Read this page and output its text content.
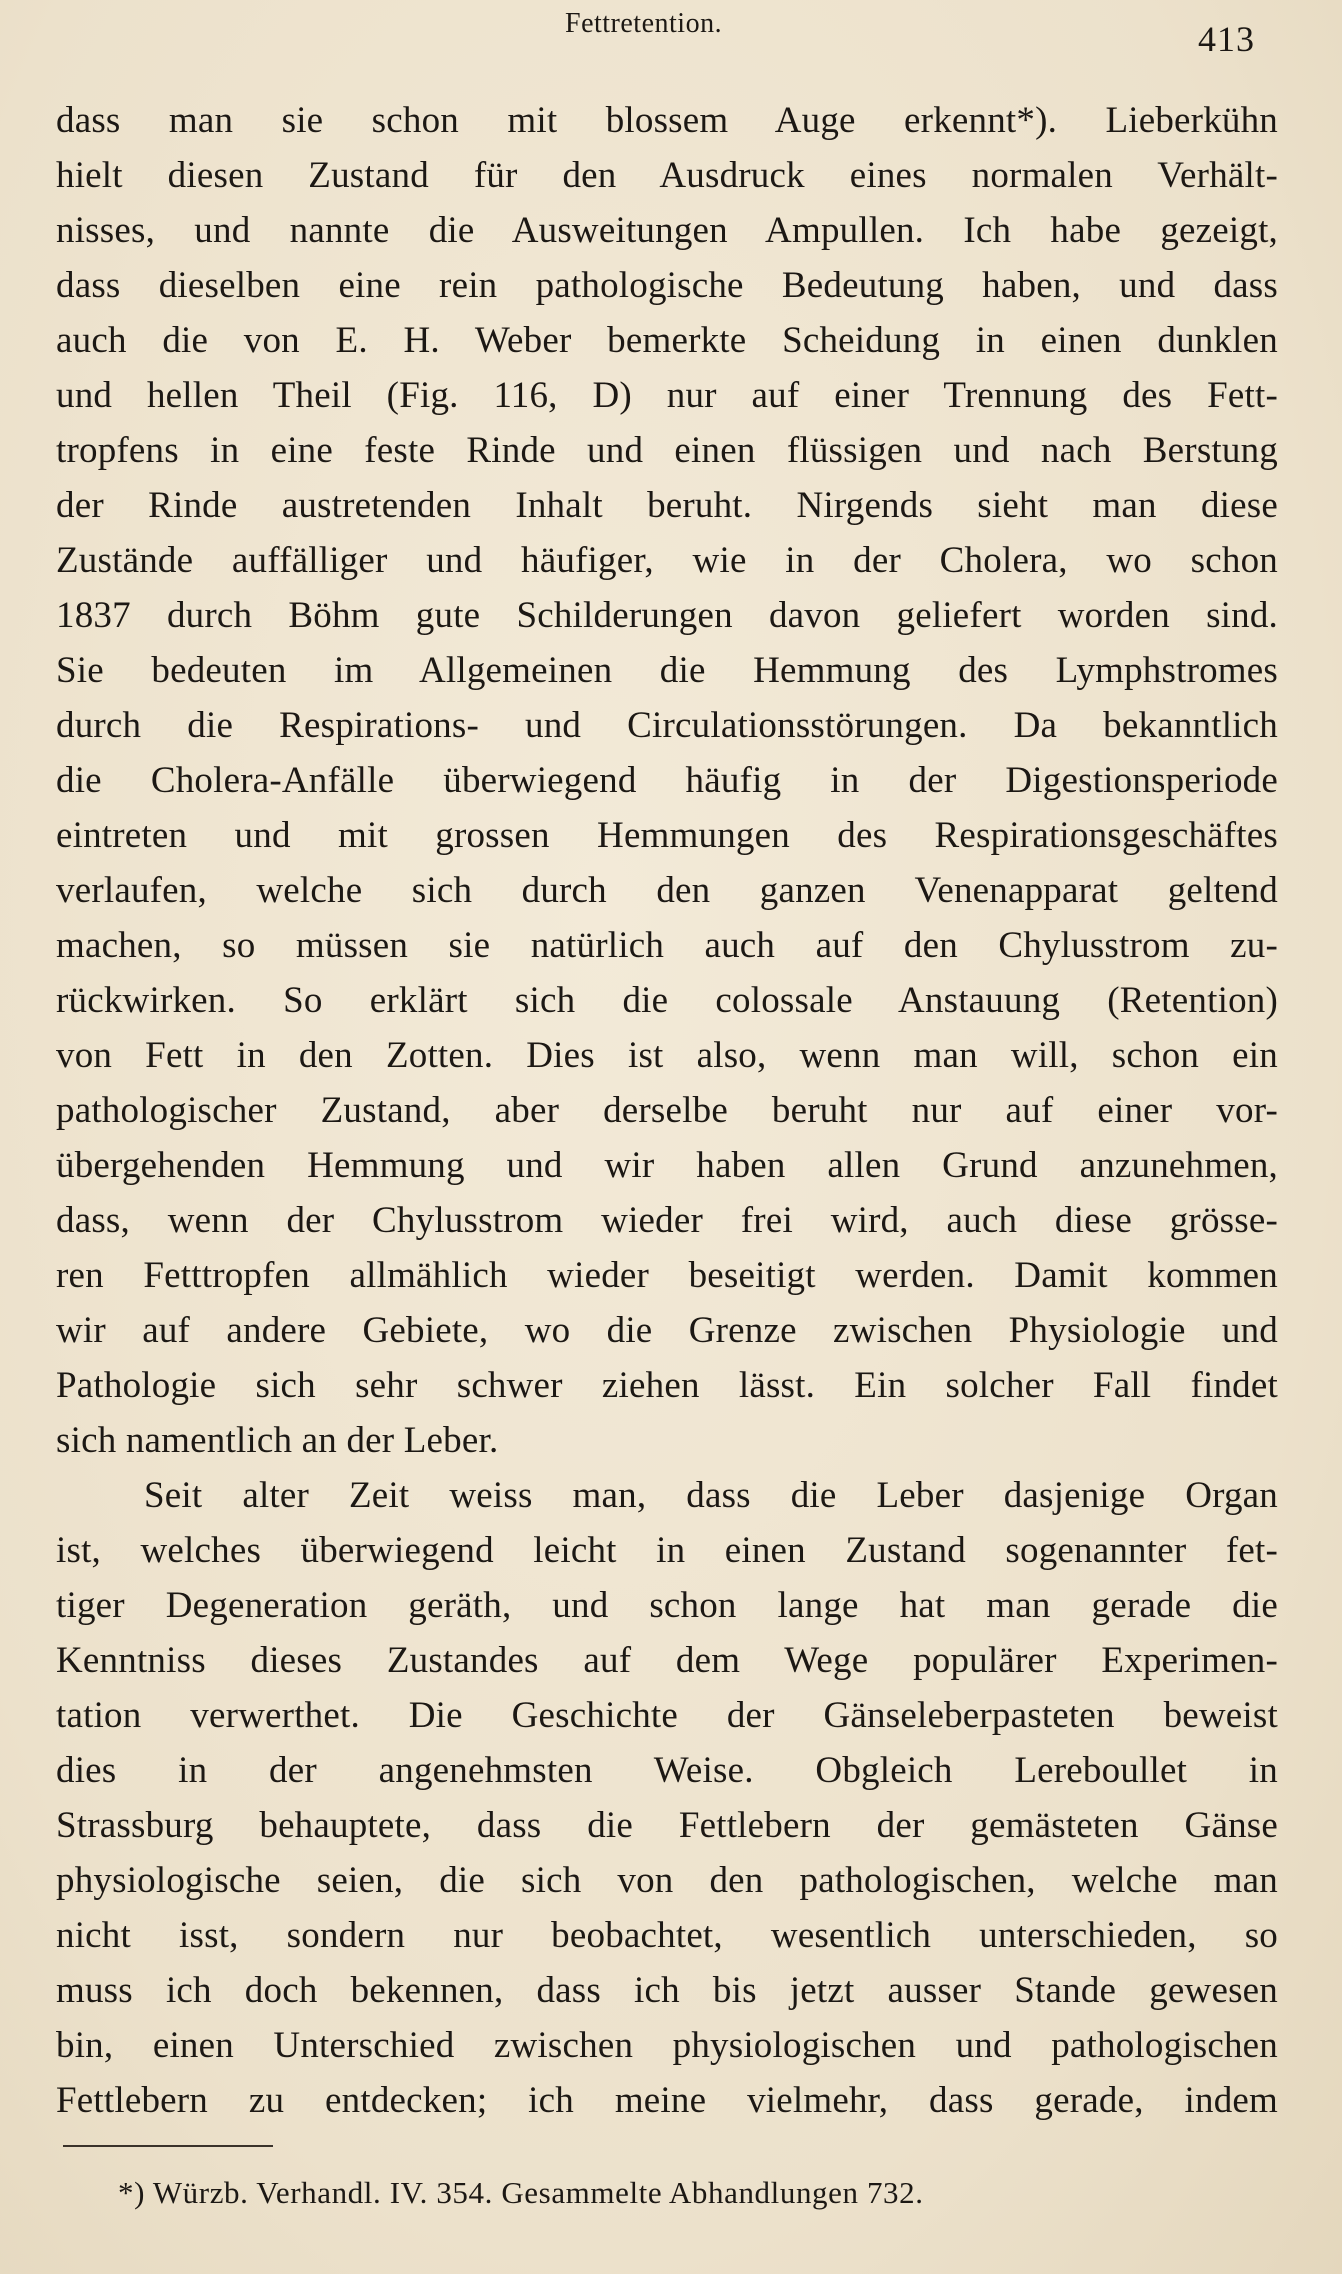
Fettretention.	413
dass man sie schon mit blossem Auge erkennt*). Lieberkühn
hielt diesen Zustand für den Ausdruck eines normalen Verhält-
nisses, und nannte die Ausweitungen Ampullen. Ich habe gezeigt,
dass dieselben eine rein pathologische Bedeutung haben, und dass
auch die von E. H. Weber bemerkte Scheidung in einen dunklen
und hellen Theil (Fig. 116, D) nur auf einer Trennung des Fett-
tropfens in eine feste Rinde und einen flüssigen und nach Berstung
der Rinde austretenden Inhalt beruht. Nirgends sieht man diese
Zustände auffälliger und häufiger, wie in der Cholera, wo schon
1837 durch Böhm gute Schilderungen davon geliefert worden sind.
Sie bedeuten im Allgemeinen die Hemmung des Lymphstromes
durch die Respirations- und Circulationsstörungen. Da bekanntlich
die Cholera-Anfälle überwiegend häufig in der Digestionsperiode
eintreten und mit grossen Hemmungen des Respirationsgeschäftes
verlaufen, welche sich durch den ganzen Venenapparat geltend
machen, so müssen sie natürlich auch auf den Chylusstrom zu-
rückwirken. So erklärt sich die colossale Anstauung (Retention)
von Fett in den Zotten. Dies ist also, wenn man will, schon ein
pathologischer Zustand, aber derselbe beruht nur auf einer vor-
übergehenden Hemmung und wir haben allen Grund anzunehmen,
dass, wenn der Chylusstrom wieder frei wird, auch diese grösse-
ren Fetttropfen allmählich wieder beseitigt werden. Damit kommen
wir auf andere Gebiete, wo die Grenze zwischen Physiologie und
Pathologie sich sehr schwer ziehen lässt. Ein solcher Fall findet
sich namentlich an der Leber.
Seit alter Zeit weiss man, dass die Leber dasjenige Organ
ist, welches überwiegend leicht in einen Zustand sogenannter fet-
tiger Degeneration geräth, und schon lange hat man gerade die
Kenntniss dieses Zustandes auf dem Wege populärer Experimen-
tation verwerthet. Die Geschichte der Gänseleberpasteten beweist
dies in der angenehmsten Weise. Obgleich Lereboullet in
Strassburg behauptete, dass die Fettlebern der gemästeten Gänse
physiologische seien, die sich von den pathologischen, welche man
nicht isst, sondern nur beobachtet, wesentlich unterschieden, so
muss ich doch bekennen, dass ich bis jetzt ausser Stande gewesen
bin, einen Unterschied zwischen physiologischen und pathologischen
Fettlebern zu entdecken; ich meine vielmehr, dass gerade, indem
*) Würzb. Verhandl. IV. 354. Gesammelte Abhandlungen 732.
